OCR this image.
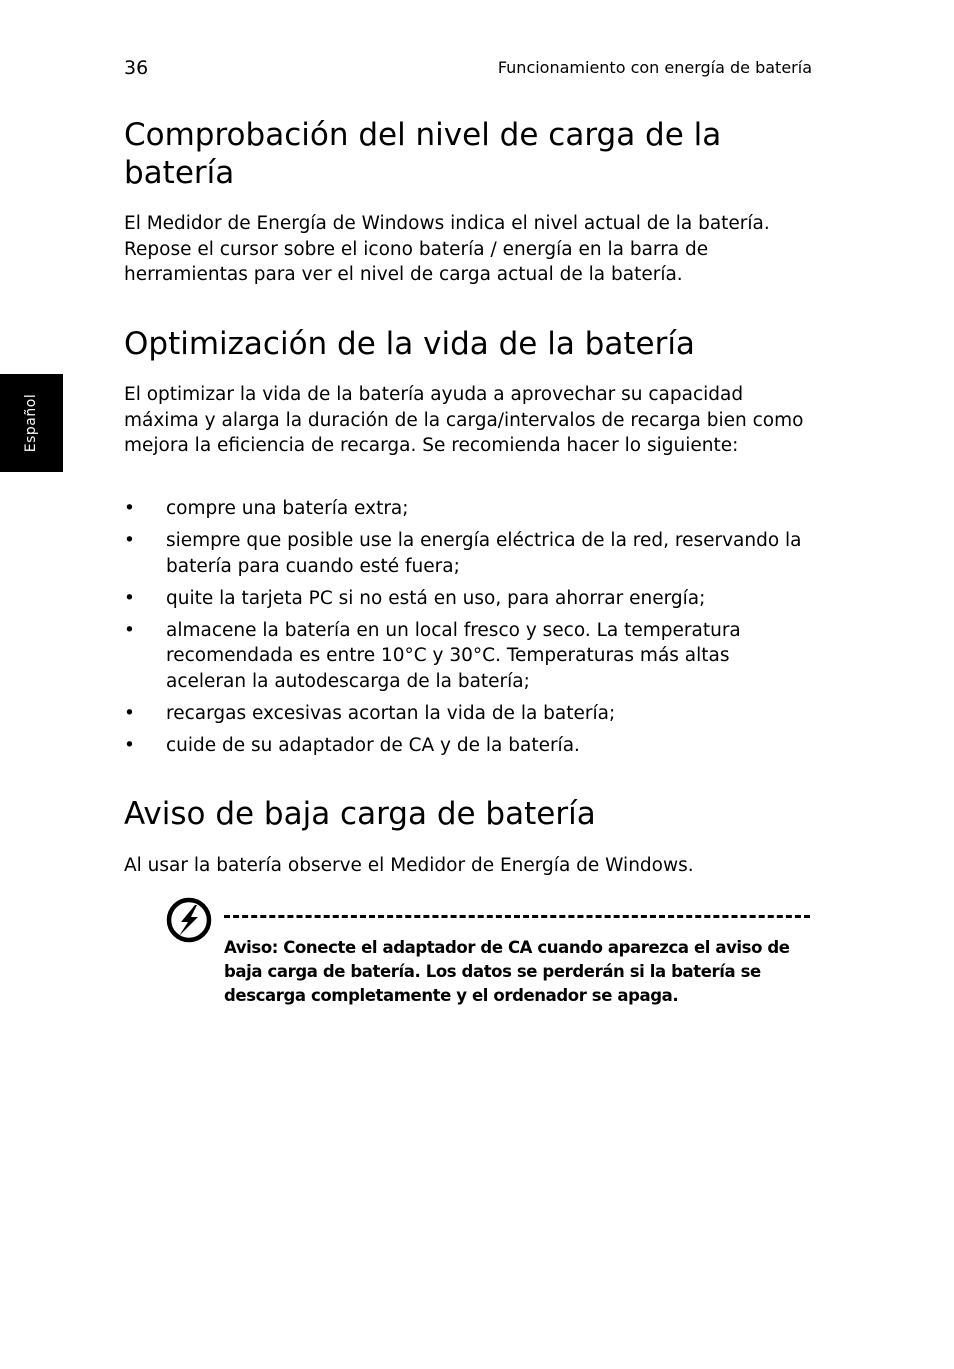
36	Funcionamiento con energía de batería
Español
Comprobación del nivel de carga de la batería

El Medidor de Energía de Windows indica el nivel actual de la batería. Repose el cursor sobre el icono batería / energía en la barra de herramientas para ver el nivel de carga actual de la batería.

Optimización de la vida de la batería

El optimizar la vida de la batería ayuda a aprovechar su capacidad máxima y alarga la duración de la carga/intervalos de recarga bien como mejora la eficiencia de recarga. Se recomienda hacer lo siguiente:

• compre una batería extra;
• siempre que posible use la energía eléctrica de la red, reservando la batería para cuando esté fuera;
• quite la tarjeta PC si no está en uso, para ahorrar energía;
• almacene la batería en un local fresco y seco. La temperatura recomendada es entre 10°C y 30°C. Temperaturas más altas aceleran la autodescarga de la batería;
• recargas excesivas acortan la vida de la batería;
• cuide de su adaptador de CA y de la batería.
Aviso de baja carga de batería

Al usar la batería observe el Medidor de Energía de Windows.

Aviso: Conecte el adaptador de CA cuando aparezca el aviso de baja carga de batería. Los datos se perderán si la batería se descarga completamente y el ordenador se apaga.
